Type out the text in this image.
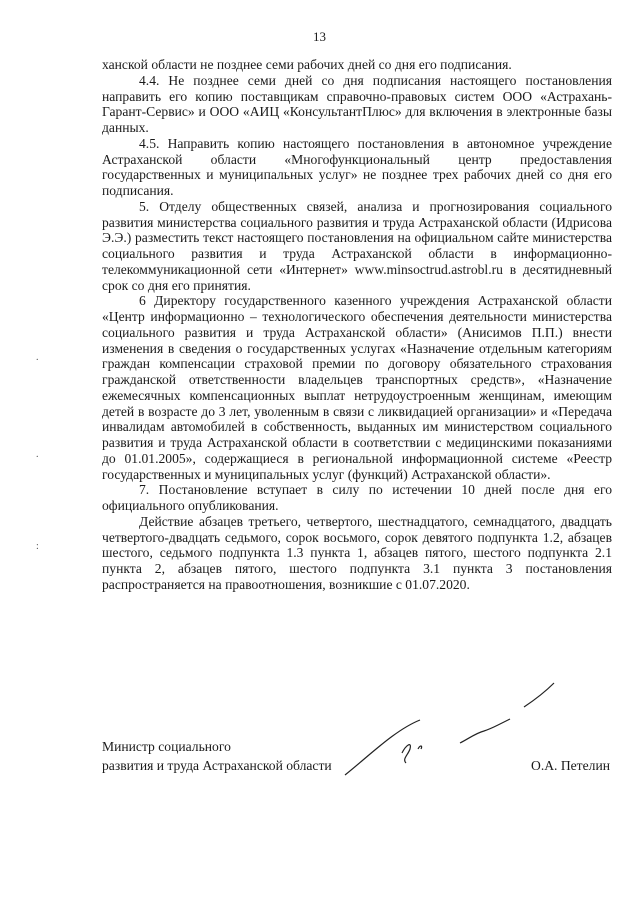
13

ханской области не позднее семи рабочих дней со дня его подписания.

4.4. Не позднее семи дней со дня подписания настоящего постановления направить его копию поставщикам справочно-правовых систем ООО «Астрахань-Гарант-Сервис» и ООО «АИЦ «КонсультантПлюс» для включения в электронные базы данных.

4.5. Направить копию настоящего постановления в автономное учреждение Астраханской области «Многофункциональный центр предоставления государственных и муниципальных услуг» не позднее трех рабочих дней со дня его подписания.

5. Отделу общественных связей, анализа и прогнозирования социального развития министерства социального развития и труда Астраханской области (Идрисова Э.Э.) разместить текст настоящего постановления на официальном сайте министерства социального развития и труда Астраханской области в информационно-телекоммуникационной сети «Интернет» www.minsoctrud.astrobl.ru в десятидневный срок со дня его принятия.

6 Директору государственного казенного учреждения Астраханской области «Центр информационно – технологического обеспечения деятельности министерства социального развития и труда Астраханской области» (Анисимов П.П.) внести изменения в сведения о государственных услугах «Назначение отдельным категориям граждан компенсации страховой премии по договору обязательного страхования гражданской ответственности владельцев транспортных средств», «Назначение ежемесячных компенсационных выплат нетрудоустроенным женщинам, имеющим детей в возрасте до 3 лет, уволенным в связи с ликвидацией организации» и «Передача инвалидам автомобилей в собственность, выданных им министерством социального развития и труда Астраханской области в соответствии с медицинскими показаниями до 01.01.2005», содержащиеся в региональной информационной системе «Реестр государственных и муниципальных услуг (функций) Астраханской области».

7. Постановление вступает в силу по истечении 10 дней после дня его официального опубликования.

Действие абзацев третьего, четвертого, шестнадцатого, семнадцатого, двадцать четвертого-двадцать седьмого, сорок восьмого, сорок девятого подпункта 1.2, абзацев шестого, седьмого подпункта 1.3 пункта 1, абзацев пятого, шестого подпункта 2.1 пункта 2, абзацев пятого, шестого подпункта 3.1 пункта 3 постановления распространяется на правоотношения, возникшие с 01.07.2020.

.
.
:
Министр социального
развития и труда Астраханской области	О.А. Петелин
